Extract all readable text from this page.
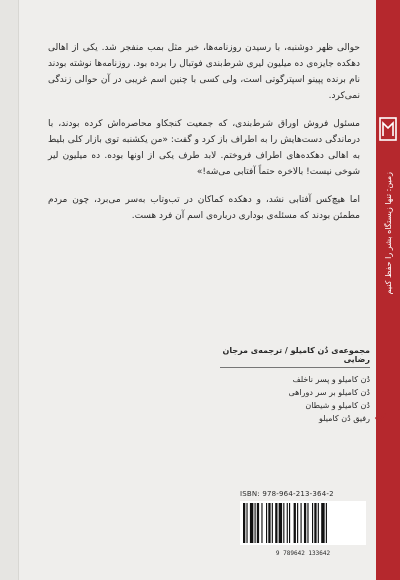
حوالی ظهر دوشنبه، با رسیدن روزنامه‌ها، خبر مثل بمب منفجر شد. یکی از اهالی دهکده جایزه‌ی ده میلیون لیری شرط‌بندی فوتبال را برده بود. روزنامه‌ها نوشته بودند نام برنده پپینو اسپترگوتی است، ولی کسی با چنین اسم غریبی در آن حوالی زندگی نمی‌کرد.

مسئول فروش اوراق شرط‌بندی، که جمعیت کنجکاو محاصره‌اش کرده بودند، با درماندگی دست‌هایش را به اطراف باز کرد و گفت: «من یکشنبه توی بازار کلی بلیط به اهالی دهکده‌های اطراف فروختم. لابد طرف یکی از اونها بوده. ده میلیون لیر شوخی نیست! بالاخره حتماً آفتابی می‌شه!»

اما هیچ‌کس آفتابی نشد، و دهکده کماکان در تب‌وتاب به‌سر می‌برد، چون مردم مطمئن بودند که مسئله‌ی بوداری درباره‌ی اسم آن فرد هست.	زمین: تنها زیستگاه بشر را حفظ کنیم
مجموعه‌ی دُن کامیلو / ترجمه‌ی مرجان رضایی
دُن کامیلو و پسر ناخلف
دُن کامیلو بر سر دوراهی
دُن کامیلو و شیطان
رفیق دُن کامیلو
ISBN: 978-964-213-364-2
9 789642 133642
